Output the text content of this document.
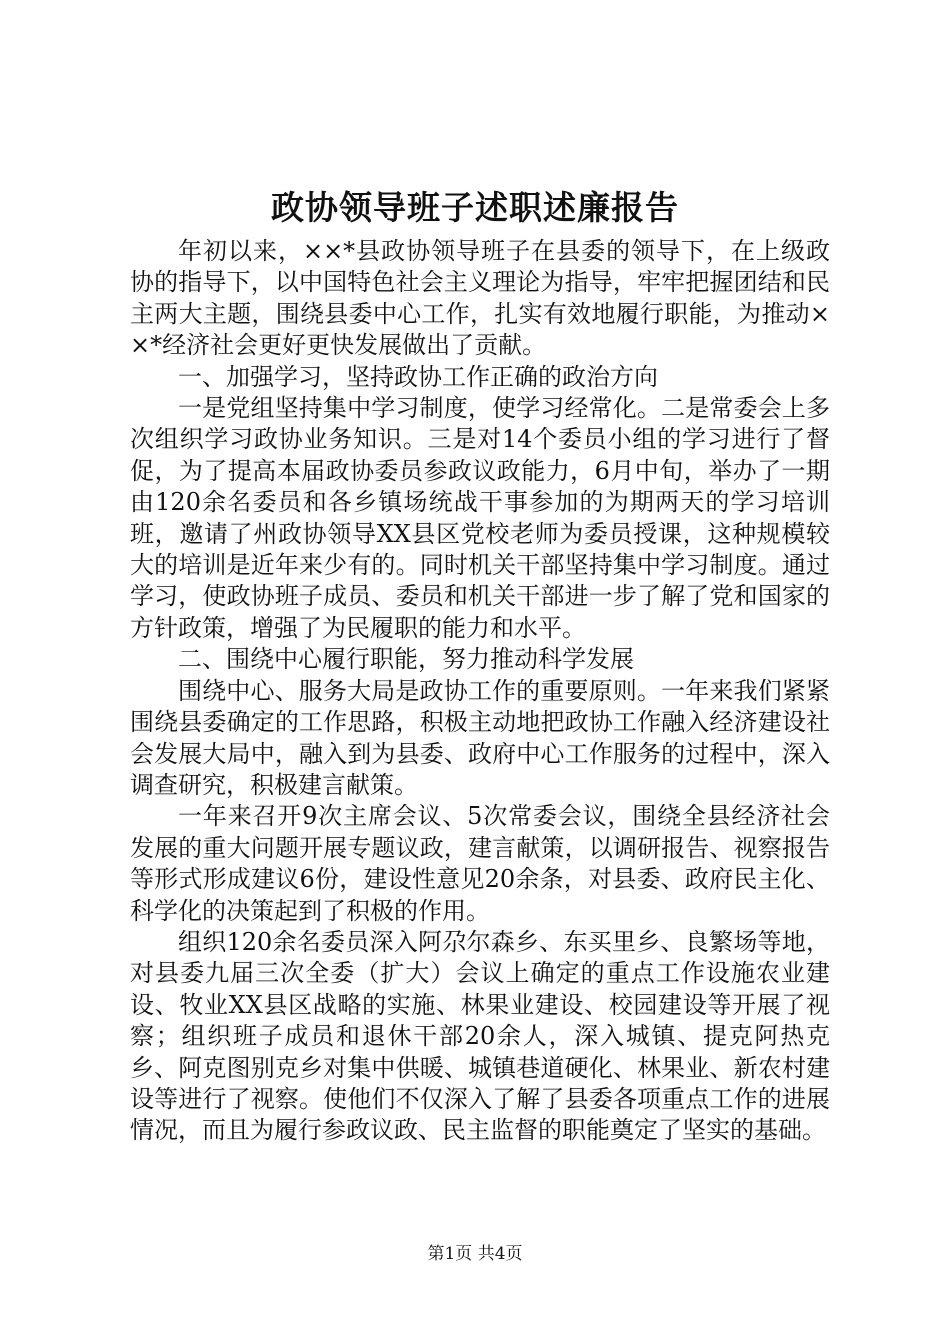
政协领导班子述职述廉报告

年初以来，××*县政协领导班子在县委的领导下，在上级政协的指导下，以中国特色社会主义理论为指导，牢牢把握团结和民主两大主题，围绕县委中心工作，扎实有效地履行职能，为推动××*经济社会更好更快发展做出了贡献。

一、加强学习，坚持政协工作正确的政治方向

一是党组坚持集中学习制度，使学习经常化。二是常委会上多次组织学习政协业务知识。三是对14个委员小组的学习进行了督促，为了提高本届政协委员参政议政能力，6月中旬，举办了一期由120余名委员和各乡镇场统战干事参加的为期两天的学习培训班，邀请了州政协领导XX县区党校老师为委员授课，这种规模较大的培训是近年来少有的。同时机关干部坚持集中学习制度。通过学习，使政协班子成员、委员和机关干部进一步了解了党和国家的方针政策，增强了为民履职的能力和水平。

二、围绕中心履行职能，努力推动科学发展

围绕中心、服务大局是政协工作的重要原则。一年来我们紧紧围绕县委确定的工作思路，积极主动地把政协工作融入经济建设社会发展大局中，融入到为县委、政府中心工作服务的过程中，深入调查研究，积极建言献策。

一年来召开9次主席会议、5次常委会议，围绕全县经济社会发展的重大问题开展专题议政，建言献策，以调研报告、视察报告等形式形成建议6份，建设性意见20余条，对县委、政府民主化、科学化的决策起到了积极的作用。

组织120余名委员深入阿尕尔森乡、东买里乡、良繁场等地，对县委九届三次全委（扩大）会议上确定的重点工作设施农业建设、牧业XX县区战略的实施、林果业建设、校园建设等开展了视察；组织班子成员和退休干部20余人，深入城镇、提克阿热克乡、阿克图别克乡对集中供暖、城镇巷道硬化、林果业、新农村建设等进行了视察。使他们不仅深入了解了县委各项重点工作的进展情况，而且为履行参政议政、民主监督的职能奠定了坚实的基础。

第1页 共4页
